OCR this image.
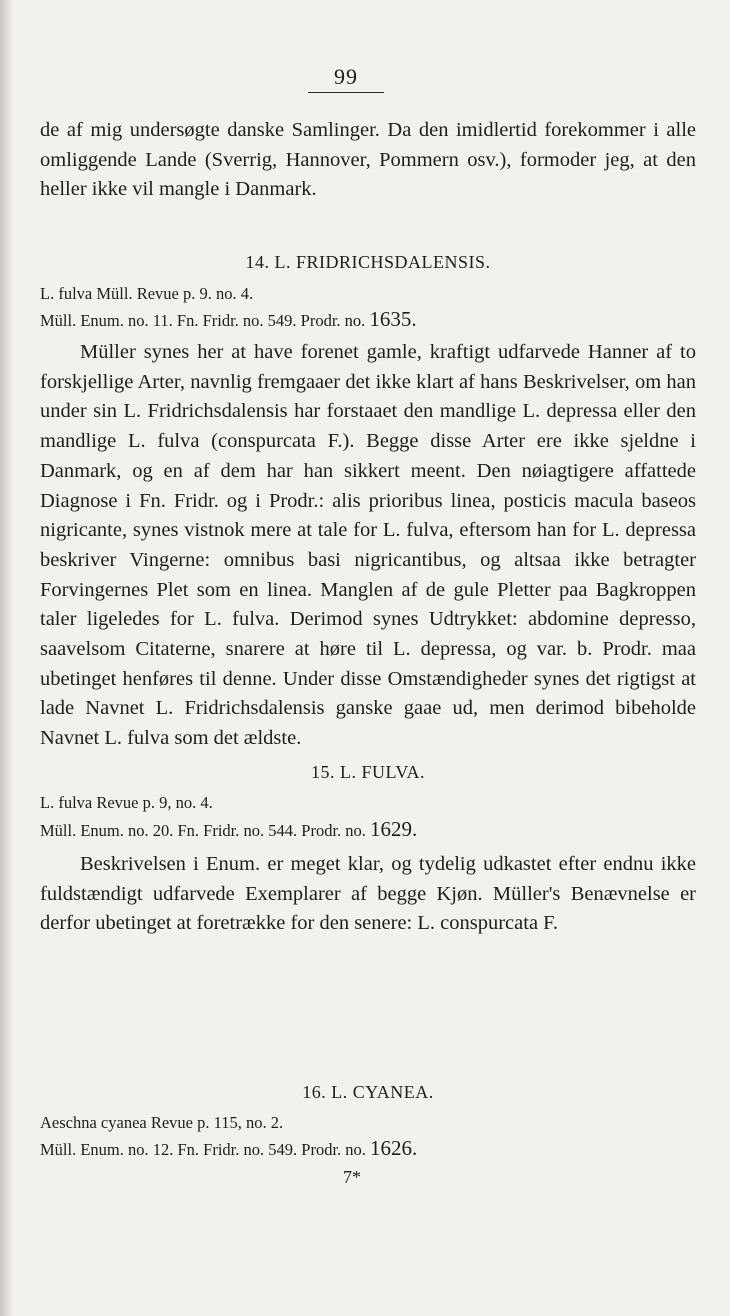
99

de af mig undersøgte danske Samlinger. Da den imidlertid forekommer i alle omliggende Lande (Sverrig, Hannover, Pommern osv.), formoder jeg, at den heller ikke vil mangle i Danmark.

14. L. FRIDRICHSDALENSIS.

L. fulva Müll. Revue p. 9. no. 4.

Müll. Enum. no. 11. Fn. Fridr. no. 549. Prodr. no. 1635.

Müller synes her at have forenet gamle, kraftigt udfarvede Hanner af to forskjellige Arter, navnlig fremgaaer det ikke klart af hans Beskrivelser, om han under sin L. Fridrichsdalensis har forstaaet den mandlige L. depressa eller den mandlige L. fulva (conspurcata F.). Begge disse Arter ere ikke sjeldne i Danmark, og en af dem har han sikkert meent. Den nøiagtigere affattede Diagnose i Fn. Fridr. og i Prodr.: alis prioribus linea, posticis macula baseos nigricante, synes vistnok mere at tale for L. fulva, eftersom han for L. depressa beskriver Vingerne: omnibus basi nigricantibus, og altsaa ikke betragter Forvingernes Plet som en linea. Manglen af de gule Pletter paa Bagkroppen taler ligeledes for L. fulva. Derimod synes Udtrykket: abdomine depresso, saavelsom Citaterne, snarere at høre til L. depressa, og var. b. Prodr. maa ubetinget henføres til denne. Under disse Omstændigheder synes det rigtigst at lade Navnet L. Fridrichsdalensis ganske gaae ud, men derimod bibeholde Navnet L. fulva som det ældste.

15. L. FULVA.

L. fulva Revue p. 9, no. 4.

Müll. Enum. no. 20. Fn. Fridr. no. 544. Prodr. no. 1629.

Beskrivelsen i Enum. er meget klar, og tydelig udkastet efter endnu ikke fuldstændigt udfarvede Exemplarer af begge Kjøn. Müller's Benævnelse er derfor ubetinget at foretrække for den senere: L. conspurcata F.

16. L. CYANEA.

Aeschna cyanea Revue p. 115, no. 2.

Müll. Enum. no. 12. Fn. Fridr. no. 549. Prodr. no. 1626.

7*
